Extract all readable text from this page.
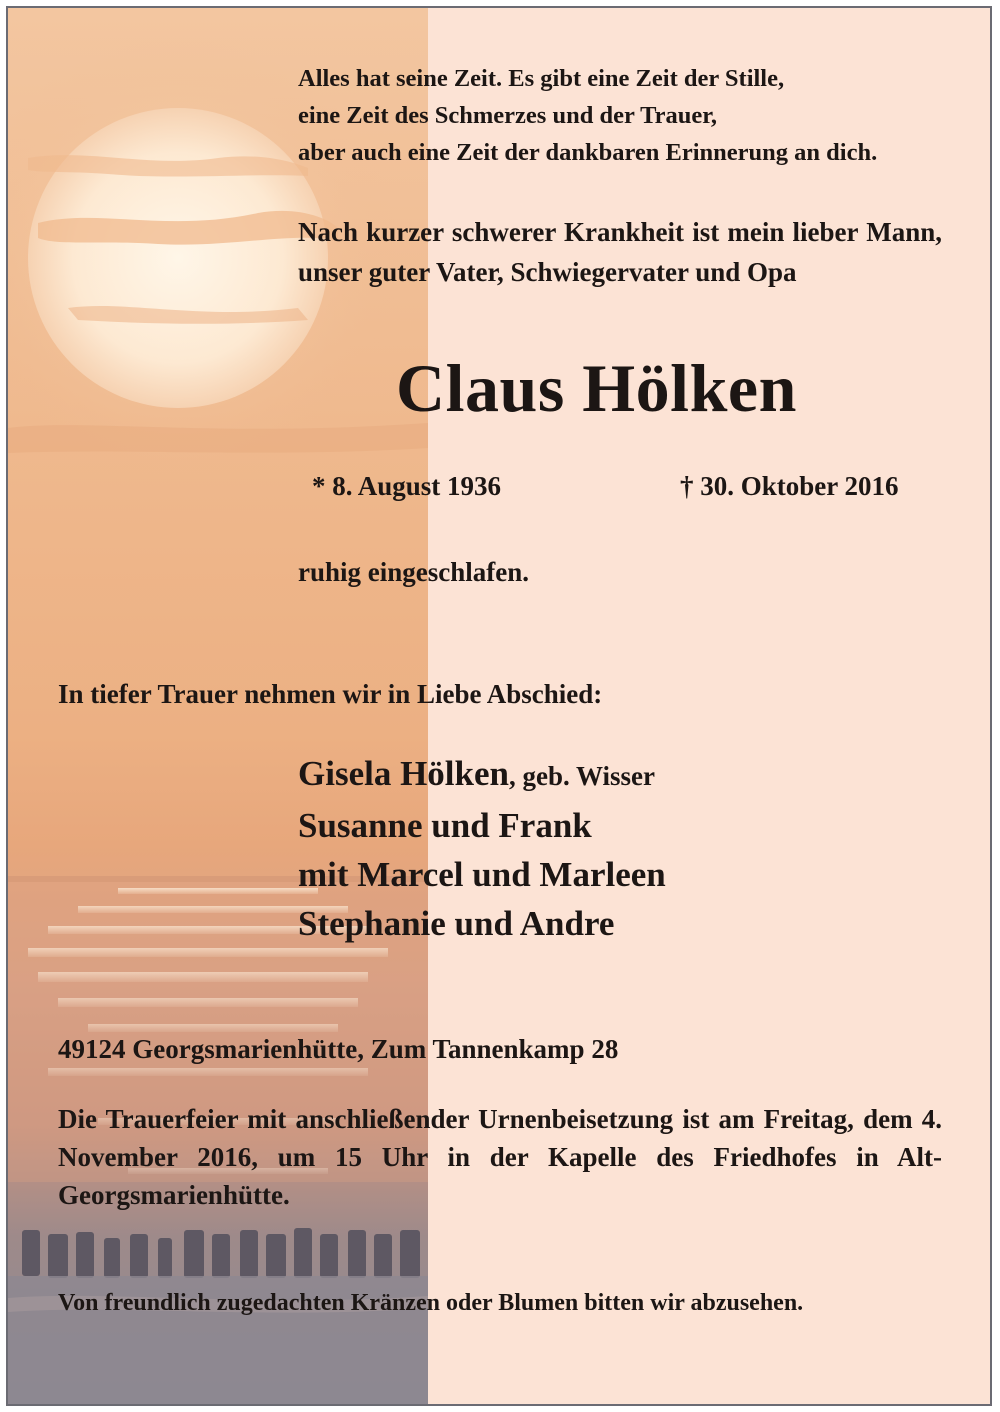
Alles hat seine Zeit. Es gibt eine Zeit der Stille,
eine Zeit des Schmerzes und der Trauer,
aber auch eine Zeit der dankbaren Erinnerung an dich.
Nach kurzer schwerer Krankheit ist mein lieber Mann, unser guter Vater, Schwiegervater und Opa
Claus Hölken
* 8. August 1936	† 30. Oktober 2016
ruhig eingeschlafen.
In tiefer Trauer nehmen wir in Liebe Abschied:
Gisela Hölken, geb. Wisser
Susanne und Frank
mit Marcel und Marleen
Stephanie und Andre
49124 Georgsmarienhütte, Zum Tannenkamp 28
Die Trauerfeier mit anschließender Urnenbeisetzung ist am Freitag, dem 4. November 2016, um 15 Uhr in der Kapelle des Friedhofes in Alt-Georgsmarienhütte.
Von freundlich zugedachten Kränzen oder Blumen bitten wir abzusehen.
